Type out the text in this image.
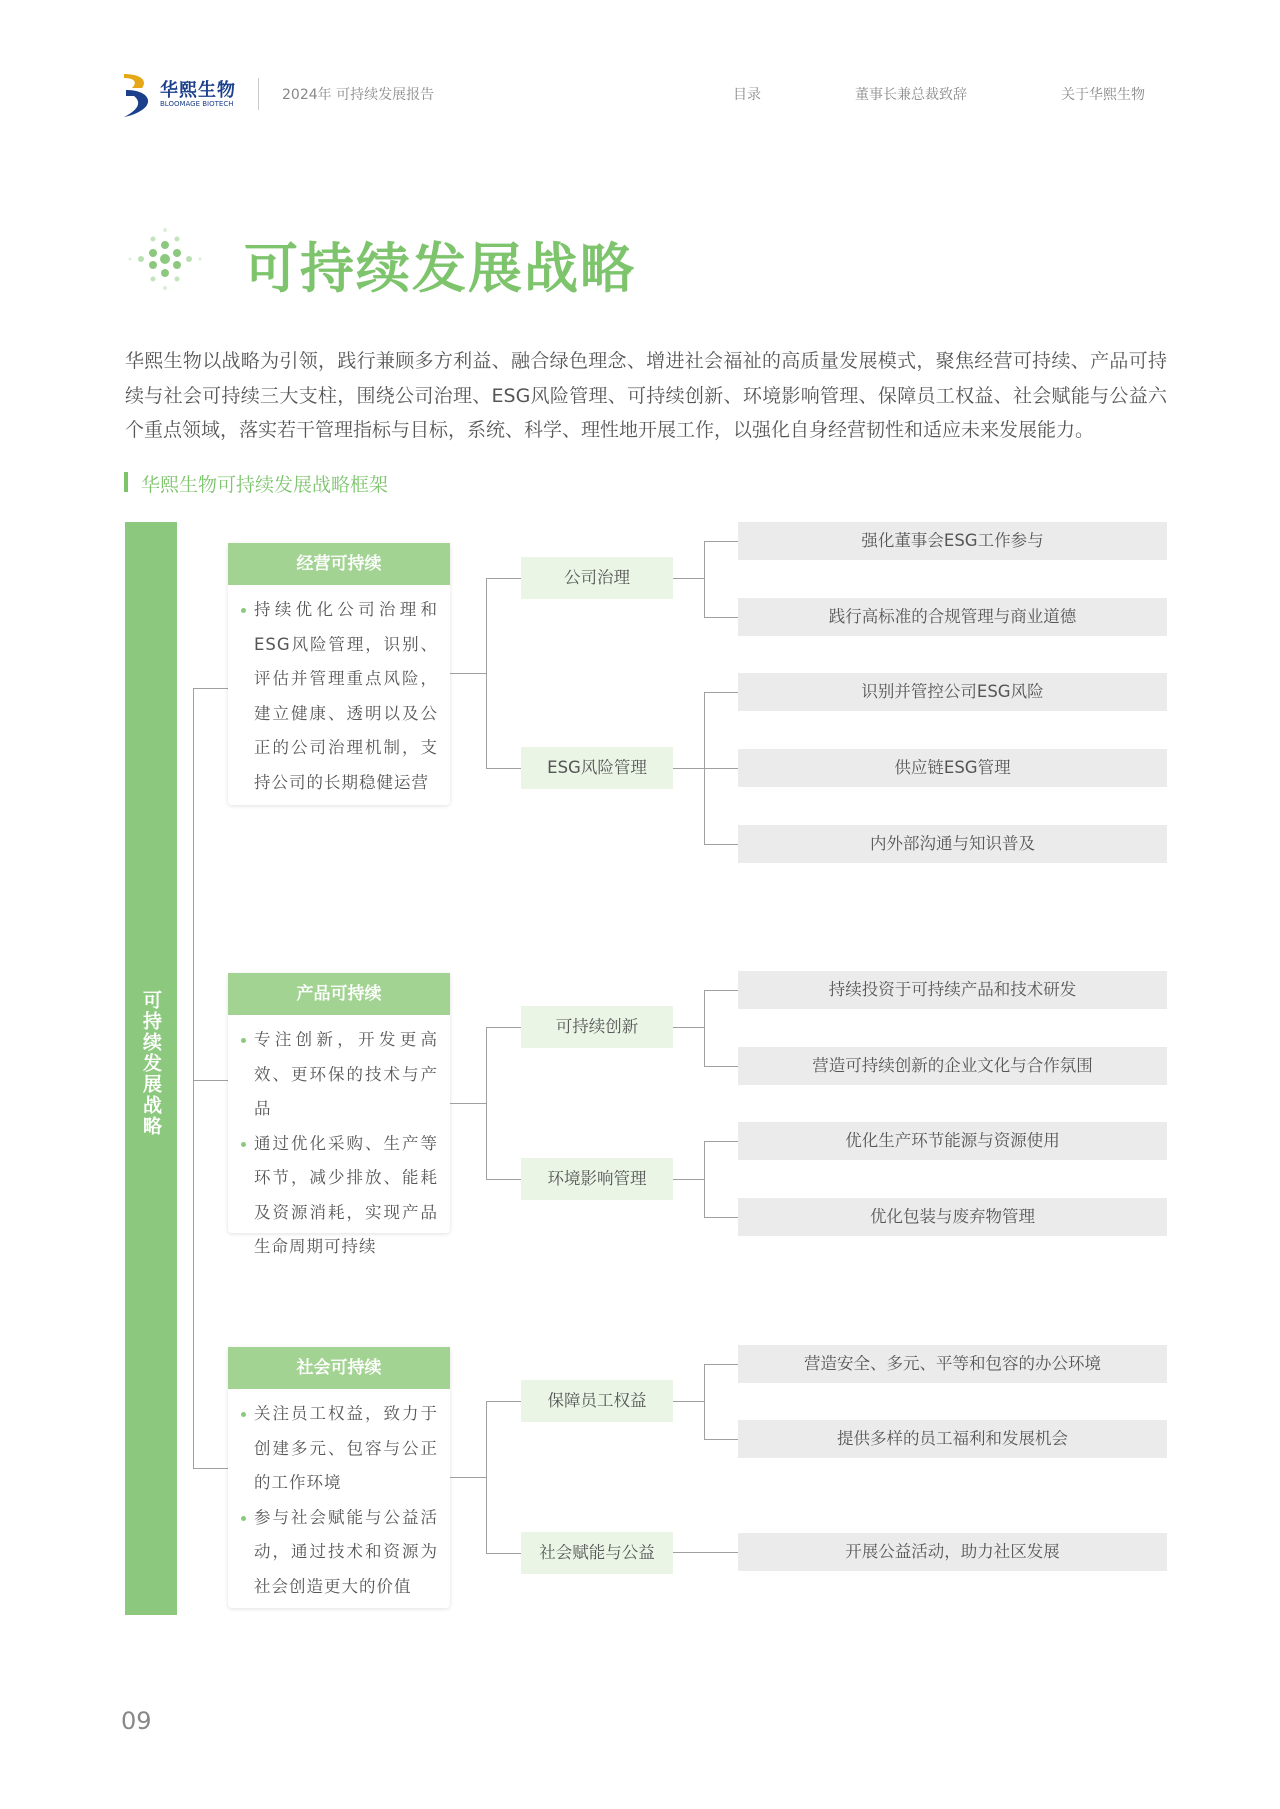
华熙生物
BLOOMAGE BIOTECH
2024年 可持续发展报告	目录	董事长兼总裁致辞	关于华熙生物
可持续发展战略

华熙生物以战略为引领，践行兼顾多方利益、融合绿色理念、增进社会福祉的高质量发展模式，聚焦经营可持续、产品可持续与社会可持续三大支柱，围绕公司治理、ESG风险管理、可持续创新、环境影响管理、保障员工权益、社会赋能与公益六个重点领域，落实若干管理指标与目标，系统、科学、理性地开展工作，以强化自身经营韧性和适应未来发展能力。

华熙生物可持续发展战略框架
可持续发展战略
经营可持续
持续优化公司治理和ESG风险管理，识别、评估并管理重点风险，建立健康、透明以及公正的公司治理机制，支持公司的长期稳健运营
公司治理
强化董事会ESG工作参与
践行高标准的合规管理与商业道德
ESG风险管理
识别并管控公司ESG风险
供应链ESG管理
内外部沟通与知识普及
产品可持续
专注创新，开发更高效、更环保的技术与产品
通过优化采购、生产等环节，减少排放、能耗及资源消耗，实现产品生命周期可持续
可持续创新
持续投资于可持续产品和技术研发
营造可持续创新的企业文化与合作氛围
环境影响管理
优化生产环节能源与资源使用
优化包装与废弃物管理
社会可持续
关注员工权益，致力于创建多元、包容与公正的工作环境
参与社会赋能与公益活动，通过技术和资源为社会创造更大的价值
保障员工权益
营造安全、多元、平等和包容的办公环境
提供多样的员工福利和发展机会
社会赋能与公益	开展公益活动，助力社区发展
09
